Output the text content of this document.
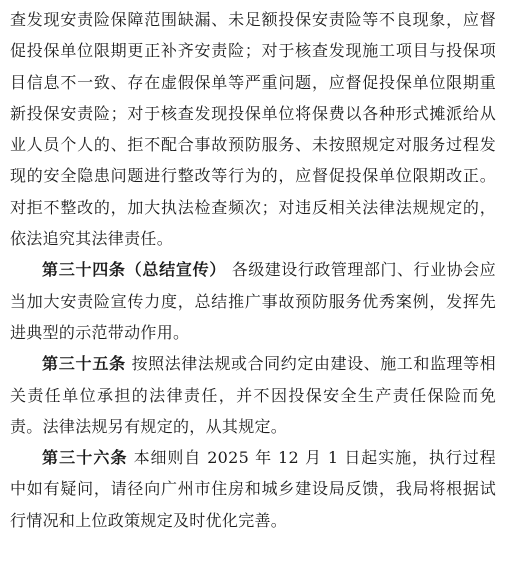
查发现安责险保障范围缺漏、未足额投保安责险等不良现象，应督促投保单位限期更正补齐安责险；对于核查发现施工项目与投保项目信息不一致、存在虚假保单等严重问题，应督促投保单位限期重新投保安责险；对于核查发现投保单位将保费以各种形式摊派给从业人员个人的、拒不配合事故预防服务、未按照规定对服务过程发现的安全隐患问题进行整改等行为的，应督促投保单位限期改正。对拒不整改的，加大执法检查频次；对违反相关法律法规规定的，依法追究其法律责任。

第三十四条（总结宣传） 各级建设行政管理部门、行业协会应当加大安责险宣传力度，总结推广事故预防服务优秀案例，发挥先进典型的示范带动作用。

第三十五条 按照法律法规或合同约定由建设、施工和监理等相关责任单位承担的法律责任，并不因投保安全生产责任保险而免责。法律法规另有规定的，从其规定。

第三十六条 本细则自 2025 年 12 月 1 日起实施，执行过程中如有疑问，请径向广州市住房和城乡建设局反馈，我局将根据试行情况和上位政策规定及时优化完善。
